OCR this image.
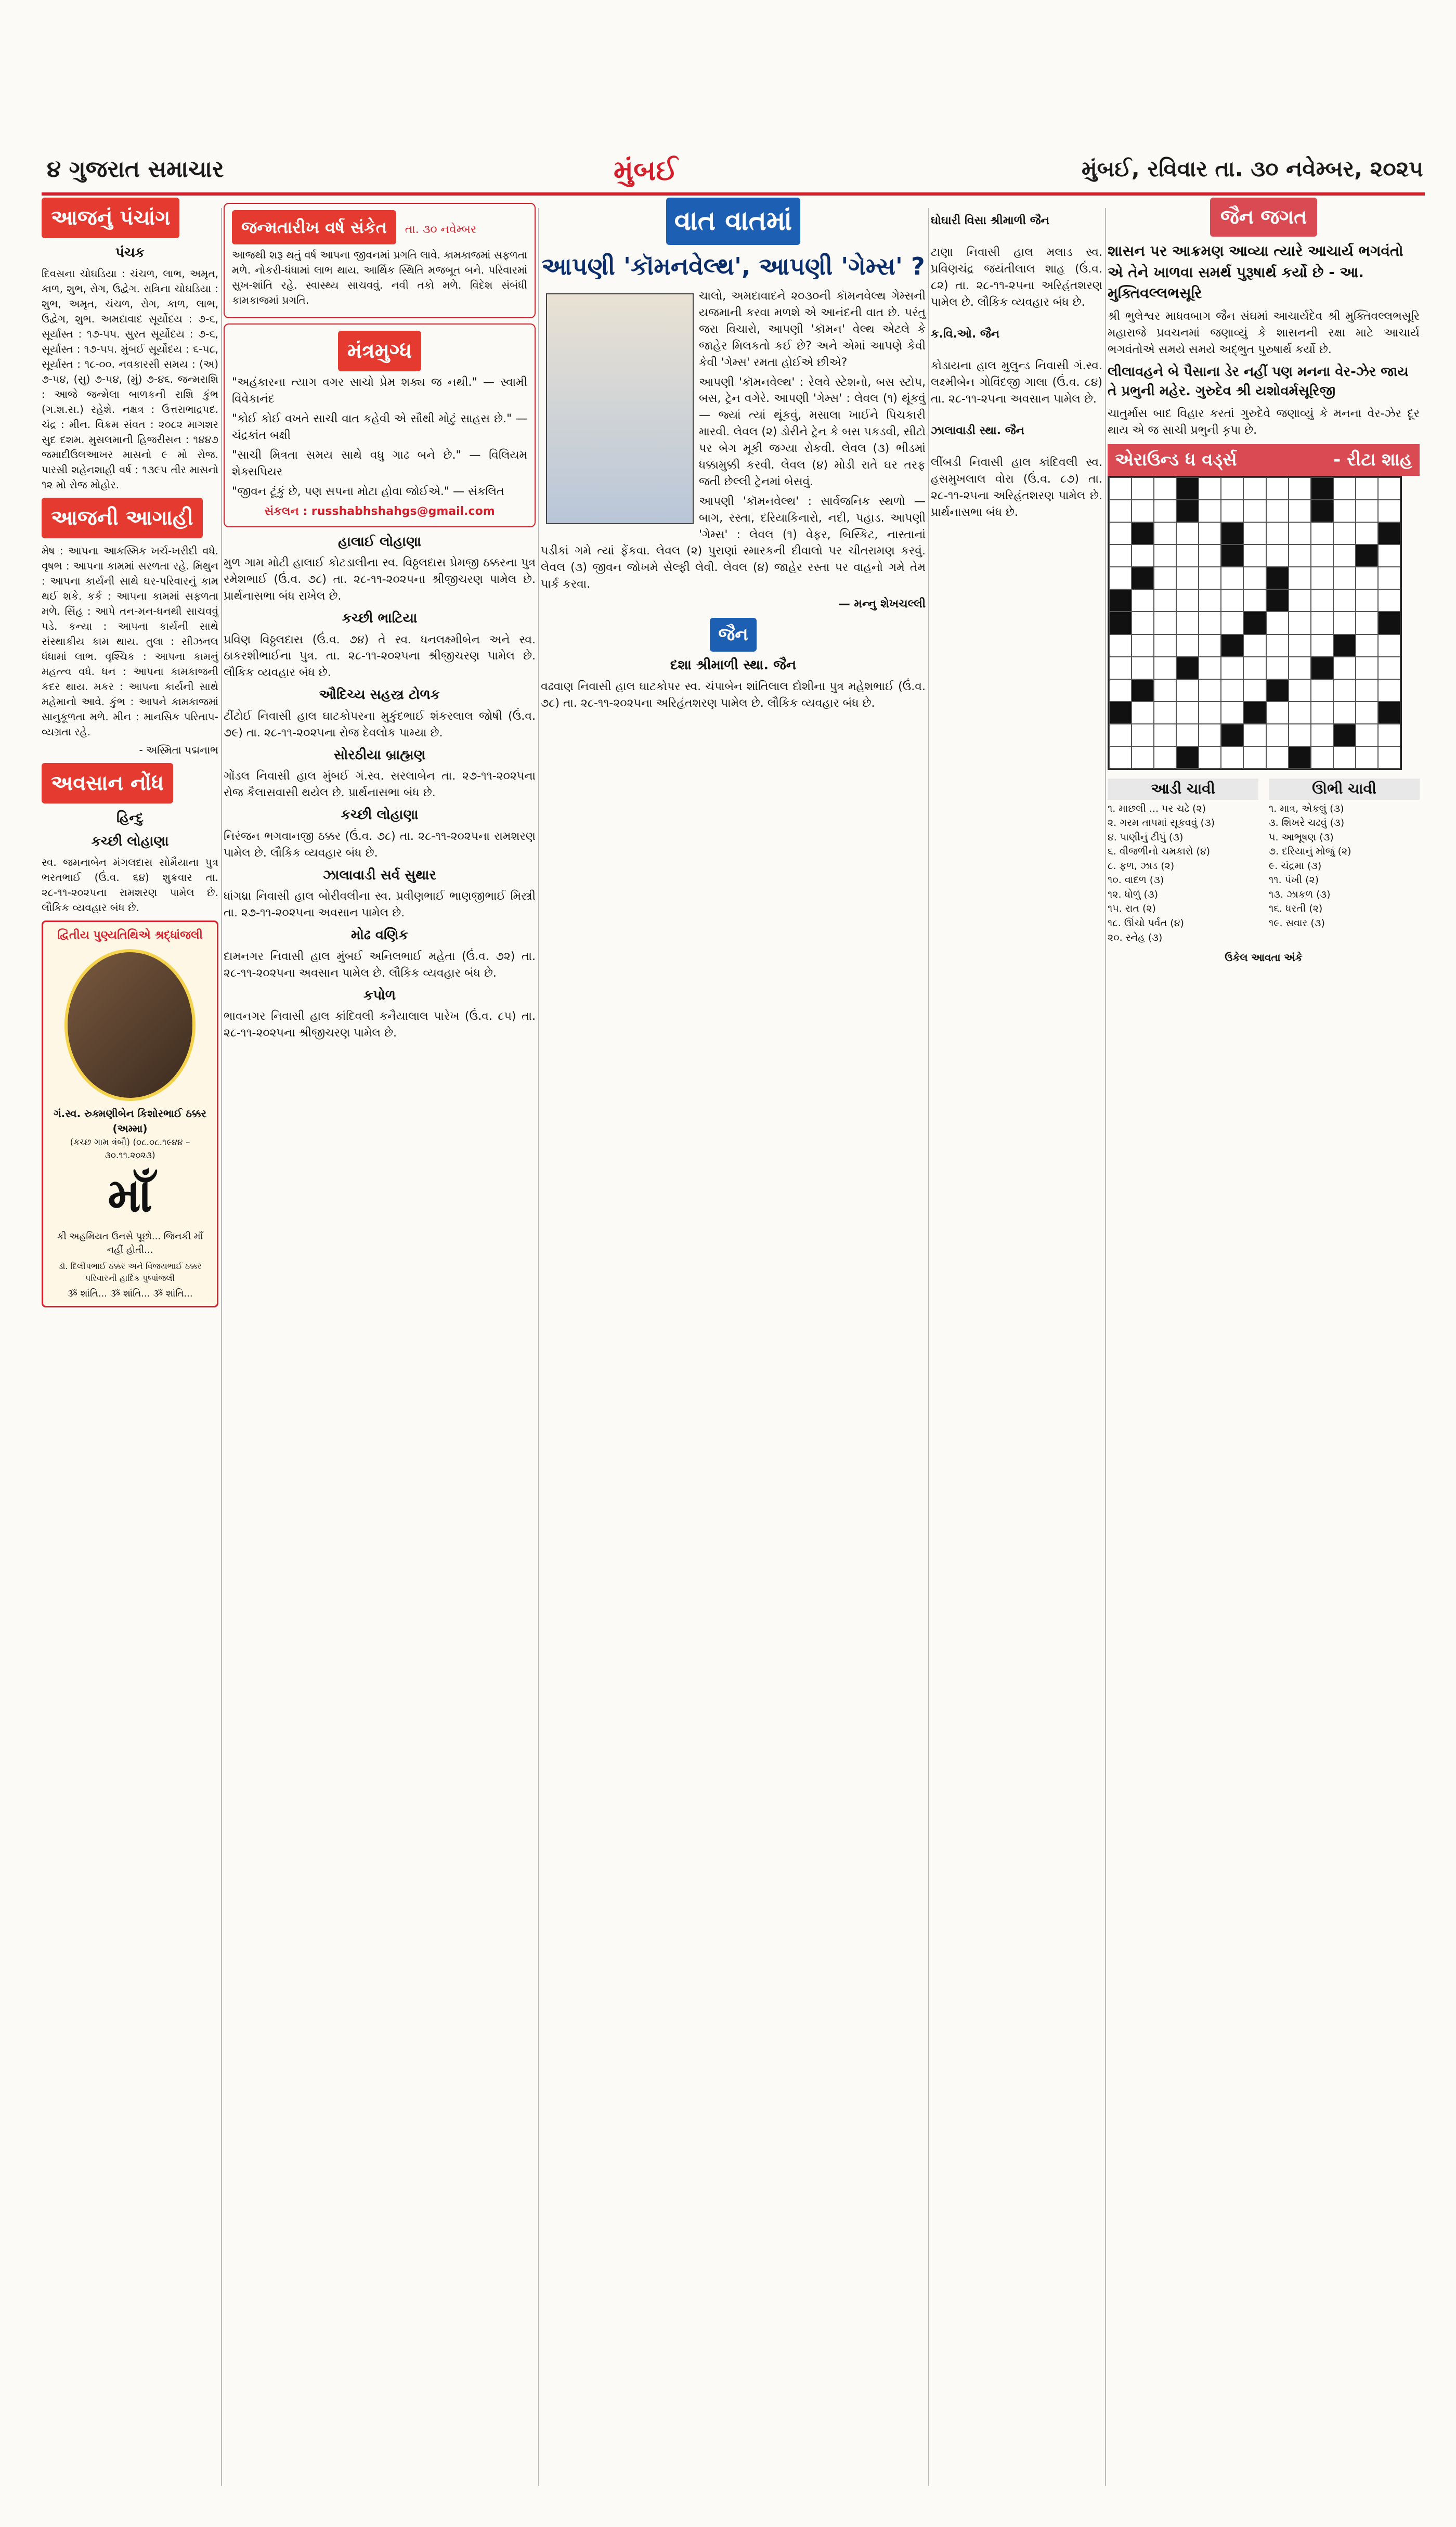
૪ ગુજરાત સમાચાર	મુંબઈ	મુંબઈ, રવિવાર તા. ૩૦ નવેમ્બર, ૨૦૨૫
આજનું પંચાંગ
પંચક

દિવસના ચોઘડિયા : ચંચળ, લાભ, અમૃત, કાળ, શુભ, રોગ, ઉદ્વેગ. રાત્રિના ચોઘડિયા : શુભ, અમૃત, ચંચળ, રોગ, કાળ, લાભ, ઉદ્વેગ, શુભ. અમદાવાદ સૂર્યોદય : ૭-૬, સૂર્યાસ્ત : ૧૭-૫૫. સુરત સૂર્યોદય : ૭-૬, સૂર્યાસ્ત : ૧૭-૫૫. મુંબઈ સૂર્યોદય : ૬-૫૮, સૂર્યાસ્ત : ૧૮-૦૦. નવકારસી સમય : (અ) ૭-૫૪, (સુ) ૭-૫૪, (મું) ૭-૪૬. જન્મરાશિ : આજે જન્મેલા બાળકની રાશિ કુંભ (ગ.શ.સ.) રહેશે. નક્ષત્ર : ઉત્તરાભાદ્રપદ. ચંદ્ર : મીન. વિક્રમ સંવત : ૨૦૮૨ માગશર સુદ દશમ. મુસલમાની હિજરીસન : ૧૪૪૭ જમાદીઉલઆખર માસનો ૯ મો રોજ. પારસી શહેનશાહી વર્ષ : ૧૩૯૫ તીર માસનો ૧૨ મો રોજ મોહોર.

આજની આગાહી

મેષ : આપના આકસ્મિક ખર્ચ-ખરીદી વધે. વૃષભ : આપના કામમાં સરળતા રહે. મિથુન : આપના કાર્યની સાથે ઘર-પરિવારનું કામ થઈ શકે. કર્ક : આપના કામમાં સફળતા મળે. સિંહ : આપે તન-મન-ધનથી સાચવવું પડે. કન્યા : આપના કાર્યની સાથે સંસ્થાકીય કામ થાય. તુલા : સીઝનલ ધંધામાં લાભ. વૃશ્ચિક : આપના કામનું મહત્ત્વ વધે. ધન : આપના કામકાજની કદર થાય. મકર : આપના કાર્યની સાથે મહેમાનો આવે. કુંભ : આપને કામકાજમાં સાનુકૂળતા મળે. મીન : માનસિક પરિતાપ-વ્યગ્રતા રહે.

- અસ્મિતા પદ્મનાભ

અવસાન નોંધ
હિન્દુ
કચ્છી લોહાણા

સ્વ. જમનાબેન મંગલદાસ સોમૈયાના પુત્ર ભરતભાઈ (ઉં.વ. ૬૪) શુક્રવાર તા. ૨૮-૧૧-૨૦૨૫ના રામશરણ પામેલ છે. લૌકિક વ્યવહાર બંધ છે.

દ્વિતીય પુણ્યતિથિએ શ્રદ્ધાંજલી
ગં.સ્વ. રુક્મણીબેન કિશોરભાઈ ઠક્કર (અમ્મા)
(કચ્છ ગામ ત્રંબૌ) (૦૮.૦૮.૧૯૪૪ – ૩૦.૧૧.૨૦૨૩)
માઁ
કી અહમિયત ઉનસે પૂછો... જિનકી માઁ નહીં હોતી...
ડૉ. દિલીપભાઈ ઠક્કર અને વિજયભાઈ ઠક્કર પરિવારની હાર્દિક પુષ્પાંજલી
ૐ શાંતિ... ૐ શાંતિ... ૐ શાંતિ...
જન્મતારીખ વર્ષ સંકેત તા. ૩૦ નવેમ્બર

આજથી શરૂ થતું વર્ષ આપના જીવનમાં પ્રગતિ લાવે. કામકાજમાં સફળતા મળે. નોકરી-ધંધામાં લાભ થાય. આર્થિક સ્થિતિ મજબૂત બને. પરિવારમાં સુખ-શાંતિ રહે. સ્વાસ્થ્ય સાચવવું. નવી તકો મળે. વિદેશ સંબંધી કામકાજમાં પ્રગતિ.

મંત્રમુગ્ધ

"અહંકારના ત્યાગ વગર સાચો પ્રેમ શક્ય જ નથી." — સ્વામી વિવેકાનંદ

"કોઈ કોઈ વખતે સાચી વાત કહેવી એ સૌથી મોટું સાહસ છે." — ચંદ્રકાંત બક્ષી

"સાચી મિત્રતા સમય સાથે વધુ ગાઢ બને છે." — વિલિયમ શેક્સપિયર

"જીવન ટૂંકું છે, પણ સપના મોટા હોવા જોઈએ." — સંકલિત

સંકલન : russhabhshahgs@gmail.com
હાલાઈ લોહાણા

મુળ ગામ મોટી હાલાઈ કોટડાલીના સ્વ. વિઠ્ઠલદાસ પ્રેમજી ઠક્કરના પુત્ર રમેશભાઈ (ઉં.વ. ૭૮) તા. ૨૮-૧૧-૨૦૨૫ના શ્રીજીચરણ પામેલ છે. પ્રાર્થનાસભા બંધ રાખેલ છે.

કચ્છી ભાટિયા

પ્રવિણ વિઠ્ઠલદાસ (ઉં.વ. ૭૪) તે સ્વ. ધનલક્ષ્મીબેન અને સ્વ. ઠાકરશીભાઈના પુત્ર. તા. ૨૮-૧૧-૨૦૨૫ના શ્રીજીચરણ પામેલ છે. લૌકિક વ્યવહાર બંધ છે.

ઔદિચ્ય સહસ્ત્ર ટોળક

ટીંટોઈ નિવાસી હાલ ઘાટકોપરના મુકુંદભાઈ શંકરલાલ જોષી (ઉં.વ. ૭૯) તા. ૨૮-૧૧-૨૦૨૫ના રોજ દેવલોક પામ્યા છે.

સોરઠીયા બ્રાહ્મણ

ગોંડલ નિવાસી હાલ મુંબઈ ગં.સ્વ. સરલાબેન તા. ૨૭-૧૧-૨૦૨૫ના રોજ કૈલાસવાસી થયેલ છે. પ્રાર્થનાસભા બંધ છે.

કચ્છી લોહાણા

નિરંજન ભગવાનજી ઠક્કર (ઉં.વ. ૭૮) તા. ૨૮-૧૧-૨૦૨૫ના રામશરણ પામેલ છે. લૌકિક વ્યવહાર બંધ છે.

ઝાલાવાડી સર્વ સુથાર

ધાંગધ્રા નિવાસી હાલ બોરીવલીના સ્વ. પ્રવીણભાઈ ભાણજીભાઈ મિસ્ત્રી તા. ૨૭-૧૧-૨૦૨૫ના અવસાન પામેલ છે.

મોઢ વણિક

દામનગર નિવાસી હાલ મુંબઈ અનિલભાઈ મહેતા (ઉં.વ. ૭૨) તા. ૨૮-૧૧-૨૦૨૫ના અવસાન પામેલ છે. લૌકિક વ્યવહાર બંધ છે.

કપોળ

ભાવનગર નિવાસી હાલ કાંદિવલી કનૈયાલાલ પારેખ (ઉં.વ. ૮૫) તા. ૨૮-૧૧-૨૦૨૫ના શ્રીજીચરણ પામેલ છે.

વાત વાતમાં
આપણી 'કૉમનવેલ્થ', આપણી 'ગેમ્સ' ?

ચાલો, અમદાવાદને ૨૦૩૦ની કૉમનવેલ્થ ગેમ્સની યજમાની કરવા મળશે એ આનંદની વાત છે. પરંતુ જરા વિચારો, આપણી 'કૉમન' વેલ્થ એટલે કે જાહેર મિલકતો કઈ છે? અને એમાં આપણે કેવી કેવી 'ગેમ્સ' રમતા હોઈએ છીએ?

આપણી 'કૉમનવેલ્થ' : રેલવે સ્ટેશનો, બસ સ્ટોપ, બસ, ટ્રેન વગેરે. આપણી 'ગેમ્સ' : લેવલ (૧) થૂંકવું — જ્યાં ત્યાં થૂંકવું, મસાલા ખાઈને પિચકારી મારવી. લેવલ (૨) ડોરીને ટ્રેન કે બસ પકડવી, સીટો પર બેગ મૂકી જગ્યા રોકવી. લેવલ (૩) ભીડમાં ધક્કામુક્કી કરવી. લેવલ (૪) મોડી રાતે ઘર તરફ જતી છેલ્લી ટ્રેનમાં બેસવું.

આપણી 'કૉમનવેલ્થ' : સાર્વજનિક સ્થળો — બાગ, રસ્તા, દરિયાકિનારો, નદી, પહાડ. આપણી 'ગેમ્સ' : લેવલ (૧) વેફર, બિસ્કિટ, નાસ્તાનાં પડીકાં ગમે ત્યાં ફેંકવા. લેવલ (૨) પુરાણાં સ્મારકની દીવાલો પર ચીતરામણ કરવું. લેવલ (૩) જીવન જોખમે સેલ્ફી લેવી. લેવલ (૪) જાહેર રસ્તા પર વાહનો ગમે તેમ પાર્ક કરવા.

— મન્નુ શેખચલ્લી

જૈન
દશા શ્રીમાળી સ્થા. જૈન

વઢવાણ નિવાસી હાલ ઘાટકોપર સ્વ. ચંપાબેન શાંતિલાલ દોશીના પુત્ર મહેશભાઈ (ઉં.વ. ૭૮) તા. ૨૮-૧૧-૨૦૨૫ના અરિહંતશરણ પામેલ છે. લૌકિક વ્યવહાર બંધ છે.

ઘોઘારી વિસા શ્રીમાળી જૈન

ટાણા નિવાસી હાલ મલાડ સ્વ. પ્રવિણચંદ્ર જયંતીલાલ શાહ (ઉં.વ. ૮૨) તા. ૨૮-૧૧-૨૫ના અરિહંતશરણ પામેલ છે. લૌકિક વ્યવહાર બંધ છે.

ક.વિ.ઓ. જૈન

કોડાયના હાલ મુલુન્ડ નિવાસી ગં.સ્વ. લક્ષ્મીબેન ગોવિંદજી ગાલા (ઉં.વ. ૮૪) તા. ૨૮-૧૧-૨૫ના અવસાન પામેલ છે.

ઝાલાવાડી સ્થા. જૈન

લીંબડી નિવાસી હાલ કાંદિવલી સ્વ. હસમુખલાલ વોરા (ઉં.વ. ૮૭) તા. ૨૮-૧૧-૨૫ના અરિહંતશરણ પામેલ છે. પ્રાર્થનાસભા બંધ છે.

જૈન જગત
શાસન પર આક્રમણ આવ્યા ત્યારે આચાર્ય ભગવંતો એ તેને ખાળવા સમર્થ પુરૂષાર્થ કર્યો છે - આ. મુક્તિવલ્લભસૂરિ

શ્રી ભુલેશ્વર માધવબાગ જૈન સંઘમાં આચાર્યદેવ શ્રી મુક્તિવલ્લભસૂરિ મહારાજે પ્રવચનમાં જણાવ્યું કે શાસનની રક્ષા માટે આચાર્ય ભગવંતોએ સમયે સમયે અદ્ભુત પુરુષાર્થ કર્યો છે.

લીલાવહને બે પૈસાના ડેર નહીં પણ મનના વેર-ઝેર જાય તે પ્રભુની મહેર. ગુરુદેવ શ્રી યશોવર્મસૂરિજી

ચાતુર્માસ બાદ વિહાર કરતાં ગુરુદેવે જણાવ્યું કે મનના વેર-ઝેર દૂર થાય એ જ સાચી પ્રભુની કૃપા છે.

એરાઉન્ડ ધ વર્ડ્સ	- રીટા શાહ
આડી ચાવી
૧. માછલી ... પર ચઢે (૨)
૨. ગરમ તાપમાં સૂકવવું (૩)
૪. પાણીનું ટીપું (૩)
૬. વીજળીનો ચમકારો (૪)
૮. ફળ, ઝાડ (૨)
૧૦. વાદળ (૩)
૧૨. ધોળું (૩)
૧૫. રાત (૨)
૧૮. ઊંચો પર્વત (૪)
૨૦. સ્નેહ (૩)
ઊભી ચાવી
૧. માત્ર, એકલું (૩)
૩. શિખરે ચઢવું (૩)
૫. આભૂષણ (૩)
૭. દરિયાનું મોજું (૨)
૯. ચંદ્રમા (૩)
૧૧. પંખી (૨)
૧૩. ઝાકળ (૩)
૧૬. ધરતી (૨)
૧૯. સવાર (૩)
ઉકેલ આવતા અંકે
